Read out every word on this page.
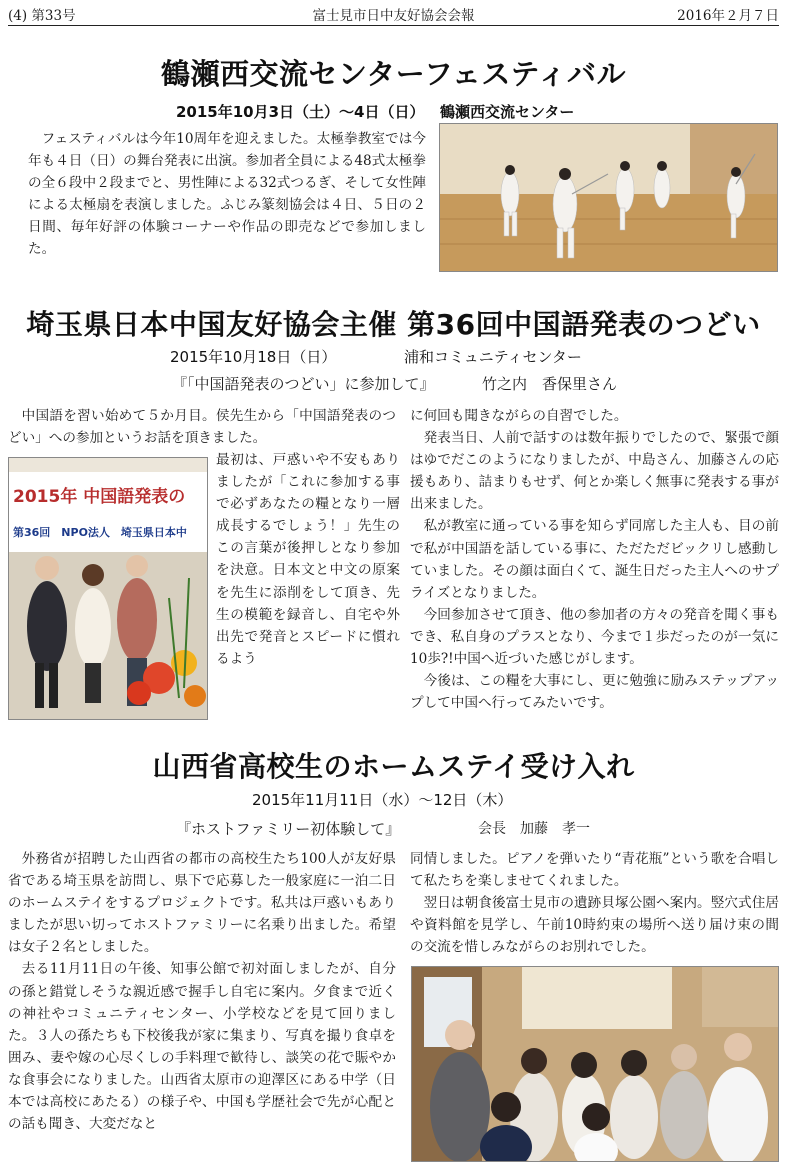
(4) 第33号	富士見市日中友好協会会報	2016年２月７日
鶴瀬西交流センターフェスティバル
2015年10月3日（土）～4日（日） 鶴瀬西交流センター

フェスティバルは今年10周年を迎えました。太極拳教室では今年も４日（日）の舞台発表に出演。参加者全員による48式太極拳の全６段中２段までと、男性陣による32式つるぎ、そして女性陣による太極扇を表演しました。ふじみ篆刻協会は４日、５日の２日間、毎年好評の体験コーナーや作品の即売などで参加しました。

埼玉県日本中国友好協会主催 第36回中国語発表のつどい
2015年10月18日（日）	浦和コミュニティセンター
『「中国語発表のつどい」に参加して』	竹之内　香保里さん

中国語を習い始めて５か月目。侯先生から「中国語発表のつどい」への参加というお話を頂きました。

2015年 中国語発表の
第36回　NPO法人　埼玉県日本中

最初は、戸惑いや不安もありましたが「これに参加する事で必ずあなたの糧となり一層成長するでしょう！」先生のこの言葉が後押しとなり参加を決意。日本文と中文の原案を先生に添削をして頂き、先生の模範を録音し、自宅や外出先で発音とスピードに慣れるよう

に何回も聞きながらの自習でした。

発表当日、人前で話すのは数年振りでしたので、緊張で顔はゆでだこのようになりましたが、中島さん、加藤さんの応援もあり、詰まりもせず、何とか楽しく無事に発表する事が出来ました。

私が教室に通っている事を知らず同席した主人も、目の前で私が中国語を話している事に、ただただビックリし感動していました。その顔は面白くて、誕生日だった主人へのサプライズとなりました。

今回参加させて頂き、他の参加者の方々の発音を聞く事もでき、私自身のプラスとなり、今まで１歩だったのが一気に10歩?!中国へ近づいた感じがします。

今後は、この糧を大事にし、更に勉強に励みステップアップして中国へ行ってみたいです。

山西省高校生のホームステイ受け入れ
2015年11月11日（水）～12日（木）
『ホストファミリー初体験して』	会長　加藤　孝一

外務省が招聘した山西省の都市の高校生たち100人が友好県省である埼玉県を訪問し、県下で応募した一般家庭に一泊二日のホームステイをするプロジェクトです。私共は戸惑いもありましたが思い切ってホストファミリーに名乗り出ました。希望は女子２名としました。

去る11月11日の午後、知事公館で初対面しましたが、自分の孫と錯覚しそうな親近感で握手し自宅に案内。夕食まで近くの神社やコミュニティセンター、小学校などを見て回りました。３人の孫たちも下校後我が家に集まり、写真を撮り食卓を囲み、妻や嫁の心尽くしの手料理で歓待し、談笑の花で賑やかな食事会になりました。山西省太原市の迎澤区にある中学（日本では高校にあたる）の様子や、中国も学歴社会で先が心配との話も聞き、大変だなと

同情しました。ピアノを弾いたり“青花瓶”という歌を合唱して私たちを楽しませてくれました。

翌日は朝食後富士見市の遺跡貝塚公園へ案内。竪穴式住居や資料館を見学し、午前10時約束の場所へ送り届け束の間の交流を惜しみながらのお別れでした。
